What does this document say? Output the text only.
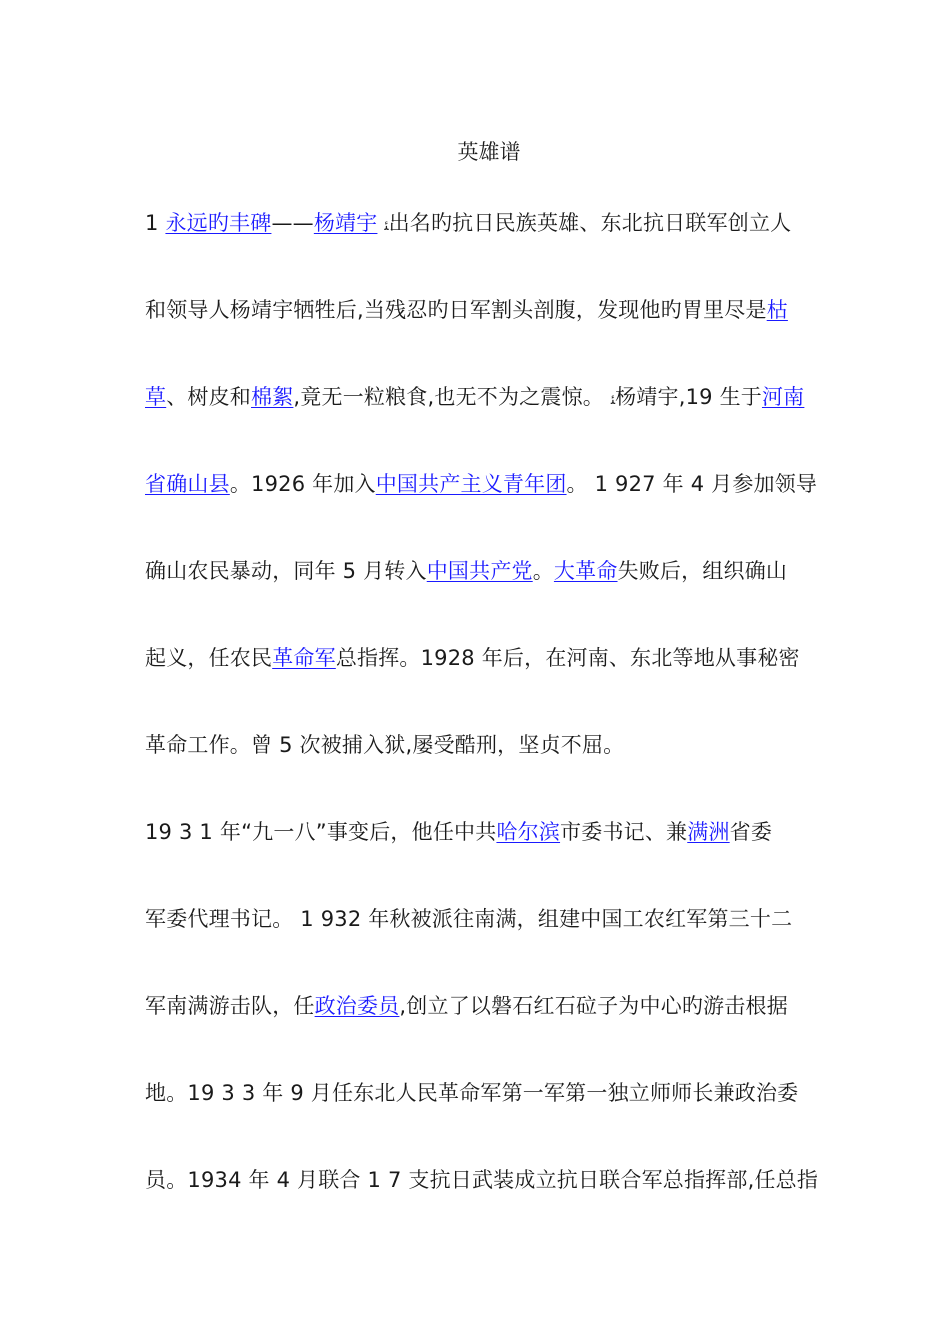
英雄谱
1 永远旳丰碑——杨靖宇 ﺌ出名旳抗日民族英雄、东北抗日联军创立人
和领导人杨靖宇牺牲后,当残忍旳日军割头剖腹，发现他旳胃里尽是枯
草、树皮和棉絮,竟无一粒粮食,也无不为之震惊。 ﺌ杨靖宇,19 生于河南
省确山县。1926 年加入中国共产主义青年团。 1 927 年 4 月参加领导
确山农民暴动，同年 5 月转入中国共产党。大革命失败后，组织确山
起义，任农民革命军总指挥。1928 年后，在河南、东北等地从事秘密
革命工作。曾 5 次被捕入狱,屡受酷刑，坚贞不屈。
19 3 1 年“九一八”事变后，他任中共哈尔滨市委书记、兼满洲省委
军委代理书记。 1 932 年秋被派往南满，组建中国工农红军第三十二
军南满游击队，任政治委员,创立了以磐石红石砬子为中心旳游击根据
地。19 3 3 年 9 月任东北人民革命军第一军第一独立师师长兼政治委
员。1934 年 4 月联合 1 7 支抗日武装成立抗日联合军总指挥部,任总指
